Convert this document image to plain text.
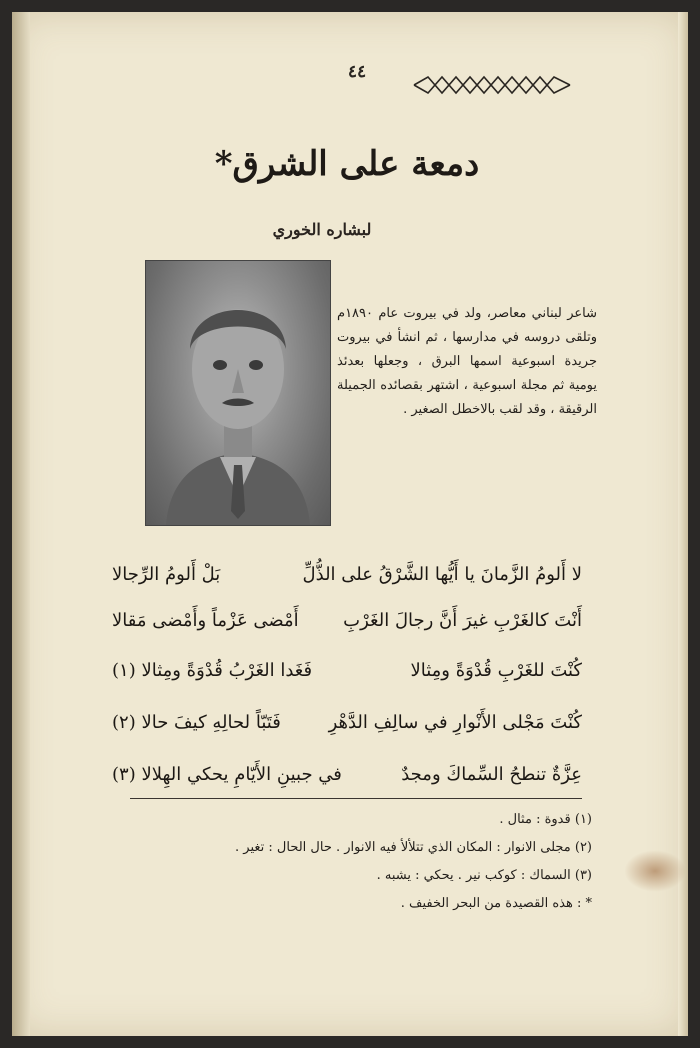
٤٤
دمعة على الشرق*
لبشاره الخوري
شاعر لبناني معاصر، ولد في بيروت عام ١٨٩٠م وتلقى دروسه في مدارسها ، ثم انشأ في بيروت جريدة اسبوعية اسمها البرق ، وجعلها بعدئذ يومية ثم مجلة اسبوعية ، اشتهر بقصائده الجميلة الرقيقة ، وقد لقب بالاخطل الصغير .
لا أَلومُ الزَّمانَ يا أَيُّها الشَّرْقُ على الذُّلِّ
بَلْ أَلومُ الرِّجالا
أَنْتَ كالغَرْبِ غيرَ أَنَّ رجالَ الغَرْبِ
أَمْضى عَزْماً وأَمْضى مَقالا
كُنْتَ للغَرْبِ قُدْوَةً ومِثالا
فَغَدا الغَرْبُ قُدْوَةً ومِثالا (١)
كُنْتَ مَجْلى الأَنْوارِ في سالِفِ الدَّهْرِ
فَتَبّاً لحالِهِ كيفَ حالا (٢)
عِزَّةٌ تنطحُ السِّماكَ ومجدٌ
في جبينِ الأَيّامِ يحكي الهِلالا (٣)
(١) قدوة : مثال .
(٢) مجلى الانوار : المكان الذي تتلألأ فيه الانوار . حال الحال : تغير .
(٣) السماك : كوكب نير . يحكي : يشبه .
* : هذه القصيدة من البحر الخفيف .
